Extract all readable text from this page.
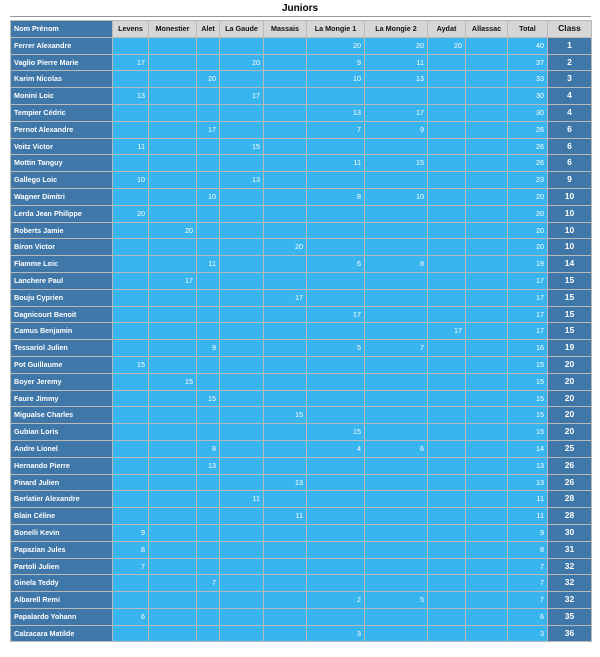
Juniors
Nom Prénom	Levens	Monestier	Alet	La Gaude	Massais	La Mongie 1	La Mongie 2	Aydat	Allassac	Total	Class
Ferrer Alexandre						20	20	20		40	1
Vaglio Pierre Marie	17			20		9	11			37	2
Karim Nicolas			20			10	13			33	3
Monini Loic	13			17						30	4
Tempier Cédric						13	17			30	4
Pernot Alexandre			17			7	9			26	6
Voitz Victor	11			15						26	6
Mottin Tanguy						11	15			26	6
Gallego Loic	10			13						23	9
Wagner Dimitri			10			8	10			20	10
Lerda Jean Philippe	20									20	10
Roberts Jamie		20								20	10
Biron Victor					20					20	10
Flamme Loic			11			6	8			19	14
Lanchere Paul		17								17	15
Bouju Cyprien					17					17	15
Dagnicourt Benoit						17				17	15
Camus Benjamin								17		17	15
Tessariol Julien			9			5	7			16	19
Pot Guillaume	15									15	20
Boyer Jeremy		15								15	20
Faure Jimmy			15							15	20
Migualse Charles					15					15	20
Gubian Loris						15				15	20
Andre Lionel			8			4	6			14	25
Hernando Pierre			13							13	26
Pinard Julien					13					13	26
Berlatier Alexandre				11						11	28
Blain Céline					11					11	28
Bonelli Kevin	9									9	30
Papazian Jules	8									8	31
Partoli Julien	7									7	32
Ginela Teddy			7							7	32
Albarell Remi						2	5			7	32
Papalardo Yohann	6									6	35
Calzacara Matilde						3				3	36
